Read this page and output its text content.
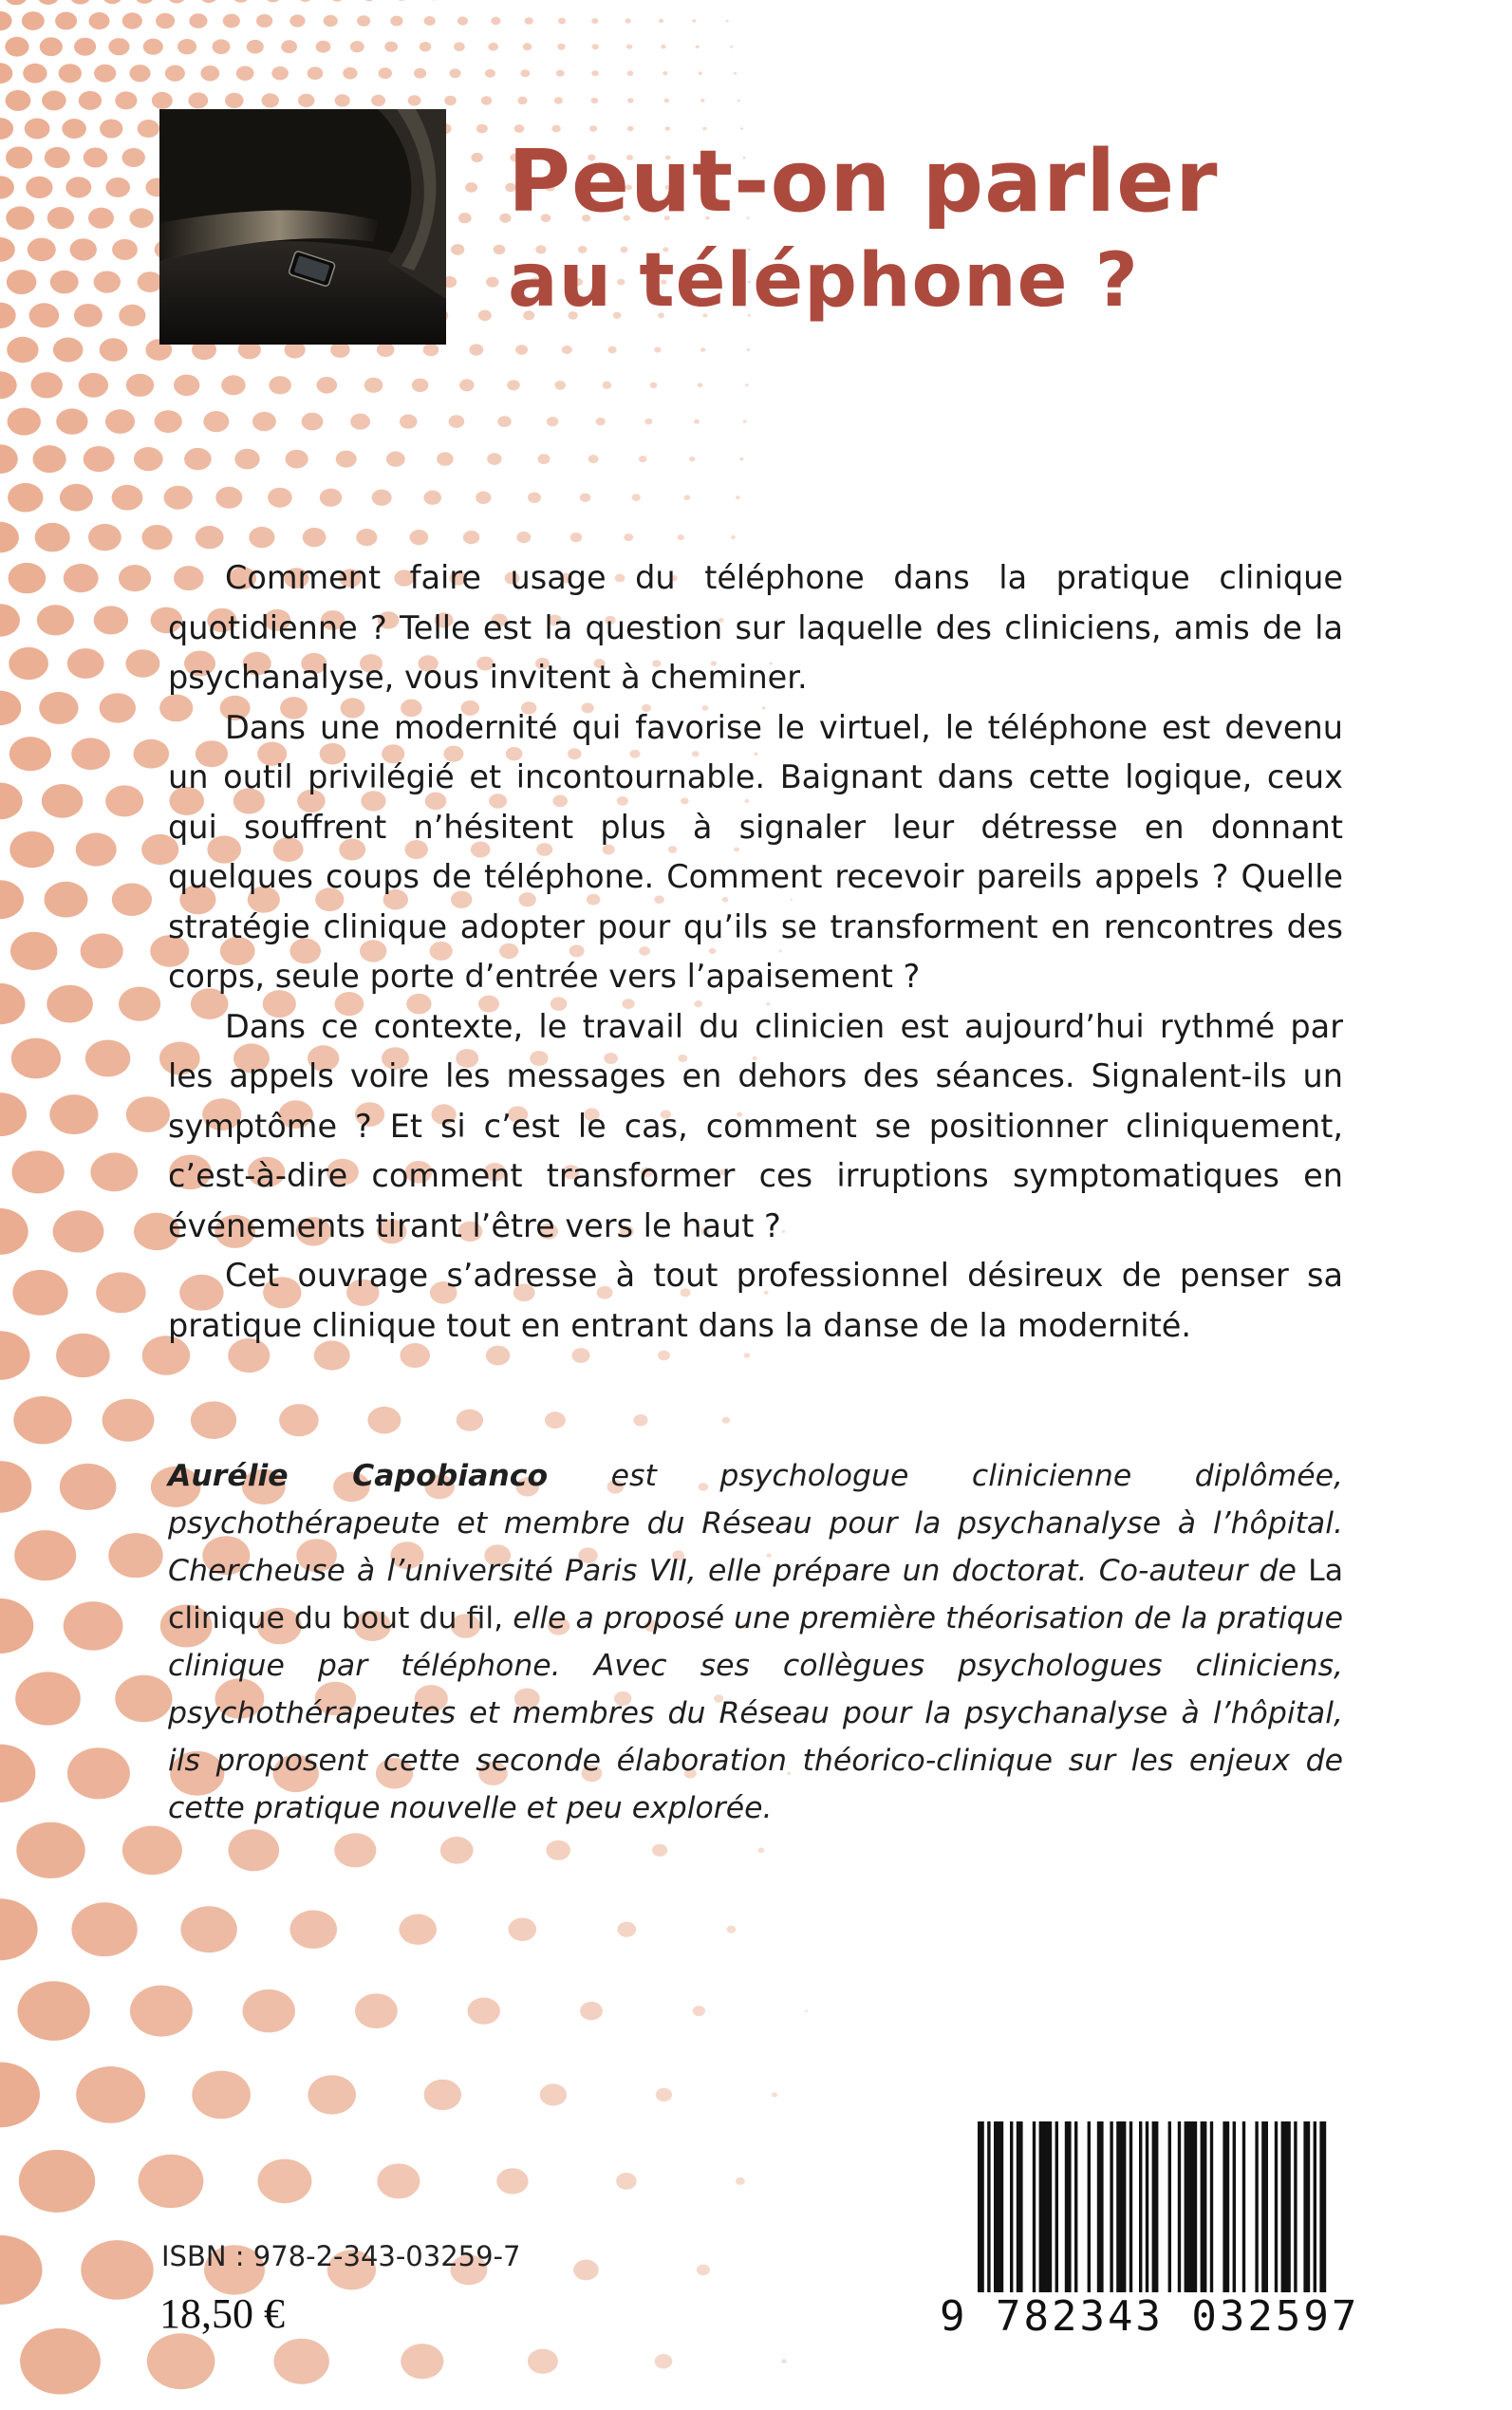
Peut-on parler
au téléphone ?

Comment faire usage du téléphone dans la pratique clinique quotidienne ? Telle est la question sur laquelle des cliniciens, amis de la psychanalyse, vous invitent à cheminer.

Dans une modernité qui favorise le virtuel, le téléphone est devenu un outil privilégié et incontournable. Baignant dans cette logique, ceux qui souffrent n’hésitent plus à signaler leur détresse en donnant quelques coups de téléphone. Comment recevoir pareils appels ? Quelle stratégie clinique adopter pour qu’ils se transforment en rencontres des corps, seule porte d’entrée vers l’apaisement ?

Dans ce contexte, le travail du clinicien est aujourd’hui rythmé par les appels voire les messages en dehors des séances. Signalent-ils un symptôme ? Et si c’est le cas, comment se positionner cliniquement, c’est-à-dire comment transformer ces irruptions symptomatiques en événements tirant l’être vers le haut ?

Cet ouvrage s’adresse à tout professionnel désireux de penser sa pratique clinique tout en entrant dans la danse de la modernité.

Aurélie Capobianco est psychologue clinicienne diplômée, psychothérapeute et membre du Réseau pour la psychanalyse à l’hôpital. Chercheuse à l’université Paris VII, elle prépare un doctorat. Co-auteur de La clinique du bout du fil, elle a proposé une première théorisation de la pratique clinique par téléphone. Avec ses collègues psychologues cliniciens, psychothérapeutes et membres du Réseau pour la psychanalyse à l’hôpital, ils proposent cette seconde élaboration théorico-clinique sur les enjeux de cette pratique nouvelle et peu explorée.
ISBN : 978-2-343-03259-7
18,50 €	9 782343 032597
